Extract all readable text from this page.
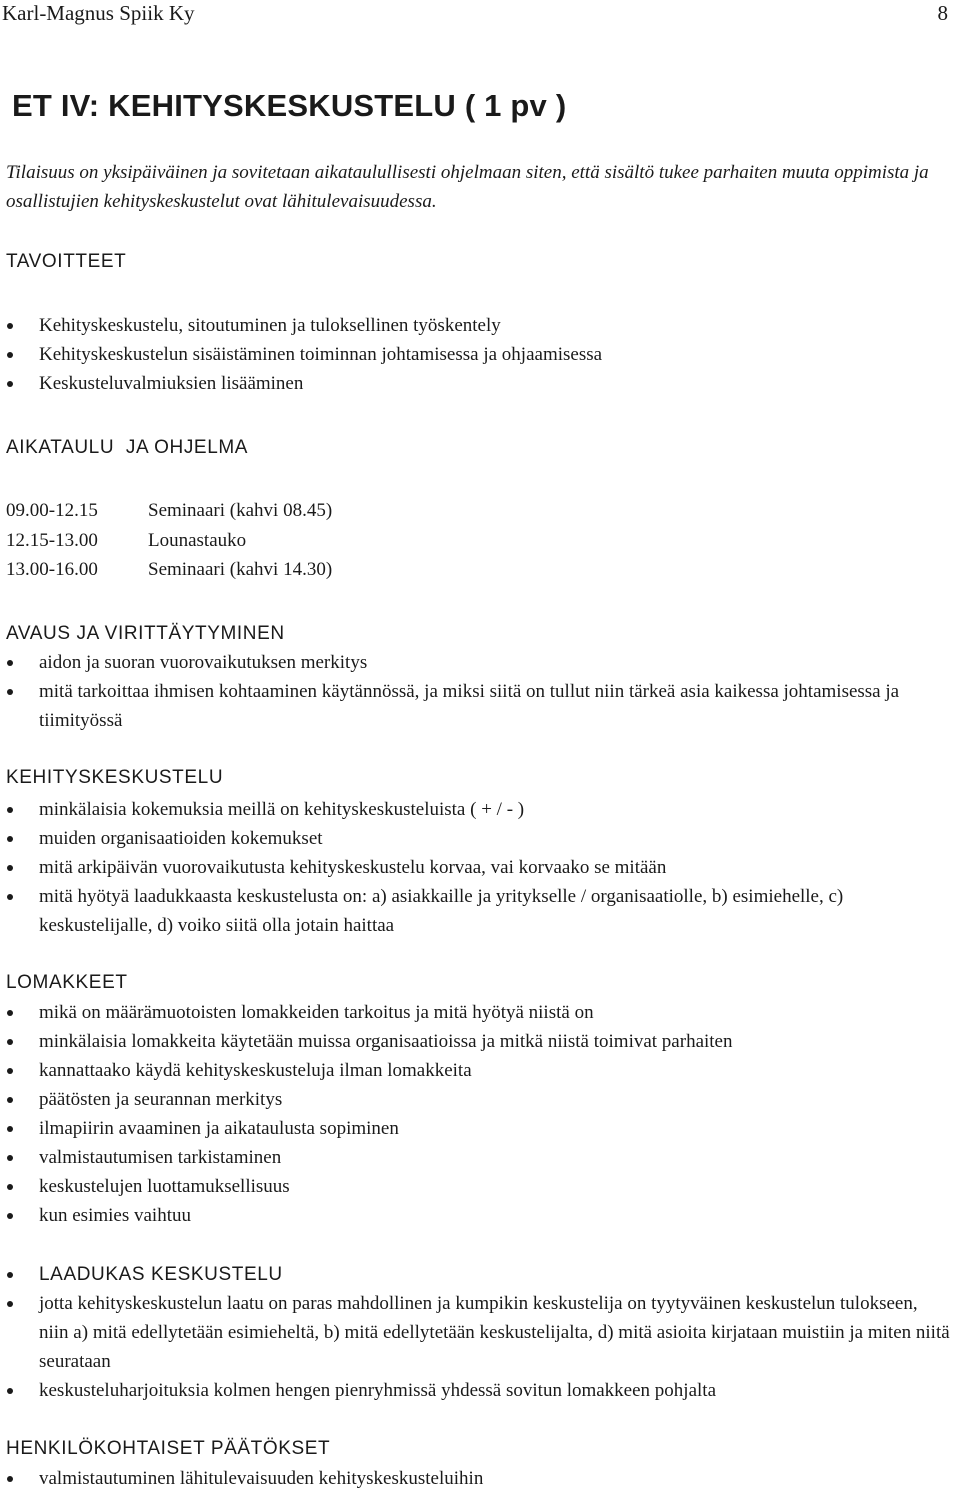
Karl-Magnus Spiik Ky	8
ET IV: KEHITYSKESKUSTELU ( 1 pv )

Tilaisuus on yksipäiväinen ja sovitetaan aikataulullisesti ohjelmaan siten, että sisältö tukee parhaiten muuta oppimista ja osallistujien kehityskeskustelut ovat lähitulevaisuudessa.

TAVOITTEET
Kehityskeskustelu, sitoutuminen ja tuloksellinen työskentely
Kehityskeskustelun sisäistäminen toiminnan johtamisessa ja ohjaamisessa
Keskusteluvalmiuksien lisääminen
AIKATAULU  JA OHJELMA
09.00-12.15	Seminaari (kahvi 08.45)
12.15-13.00	Lounastauko
13.00-16.00	Seminaari (kahvi 14.30)
AVAUS JA VIRITTÄYTYMINEN
aidon ja suoran vuorovaikutuksen merkitys
mitä tarkoittaa ihmisen kohtaaminen käytännössä, ja miksi siitä on tullut niin tärkeä asia kaikessa johtamisessa ja tiimityössä
KEHITYSKESKUSTELU
minkälaisia kokemuksia meillä on kehityskeskusteluista ( + / - )
muiden organisaatioiden kokemukset
mitä arkipäivän vuorovaikutusta kehityskeskustelu korvaa, vai korvaako se mitään
mitä hyötyä laadukkaasta keskustelusta on: a) asiakkaille ja yritykselle / organisaatiolle, b) esimiehelle, c) keskustelijalle, d) voiko siitä olla jotain haittaa
LOMAKKEET
mikä on määrämuotoisten lomakkeiden tarkoitus ja mitä hyötyä niistä on
minkälaisia lomakkeita käytetään muissa organisaatioissa ja mitkä niistä toimivat parhaiten
kannattaako käydä kehityskeskusteluja ilman lomakkeita
päätösten ja seurannan merkitys
ilmapiirin avaaminen ja aikataulusta sopiminen
valmistautumisen tarkistaminen
keskustelujen luottamuksellisuus
kun esimies vaihtuu
LAADUKAS KESKUSTELU
jotta kehityskeskustelun laatu on paras mahdollinen ja kumpikin keskustelija on tyytyväinen keskustelun tulokseen, niin a) mitä edellytetään esimieheltä, b) mitä edellytetään keskustelijalta, d) mitä asioita kirjataan muistiin ja miten niitä seurataan
keskusteluharjoituksia kolmen hengen pienryhmissä yhdessä sovitun lomakkeen pohjalta
HENKILÖKOHTAISET PÄÄTÖKSET
valmistautuminen lähitulevaisuuden kehityskeskusteluihin
